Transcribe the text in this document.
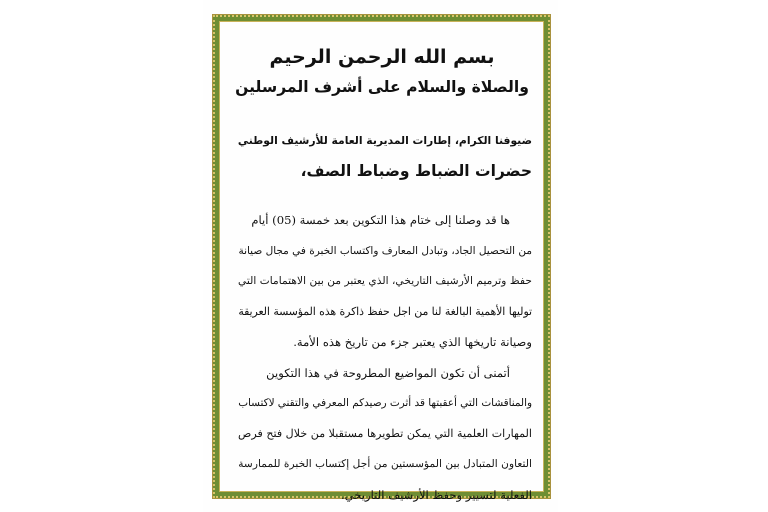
بسم الله الرحمن الرحيم
والصلاة والسلام على أشرف المرسلين
ضيوفنا الكرام، إطارات المديرية العامة للأرشيف الوطني
حضرات الضباط وضباط الصف،
ها قد وصلنا إلى ختام هذا التكوين بعد خمسة (05) أيام
من التحصيل الجاد، وتبادل المعارف واكتساب الخبرة في مجال صيانة
حفظ وترميم الأرشيف التاريخي، الذي يعتبر من بين الاهتمامات التي
توليها الأهمية البالغة لنا من اجل حفظ ذاكرة هذه المؤسسة العريقة
وصيانة تاريخها الذي يعتبر جزء من تاريخ هذه الأمة.
أتمنى أن تكون المواضيع المطروحة في هذا التكوين
والمناقشات التي أعقبتها قد أثرت رصيدكم المعرفي والتقني لاكتساب
المهارات العلمية التي يمكن تطويرها مستقبلا من خلال فتح فرص
التعاون المتبادل بين المؤسستين من أجل إكتساب الخبرة للممارسة
الفعلية لتسيير وحفظ الأرشيف التاريخي.
